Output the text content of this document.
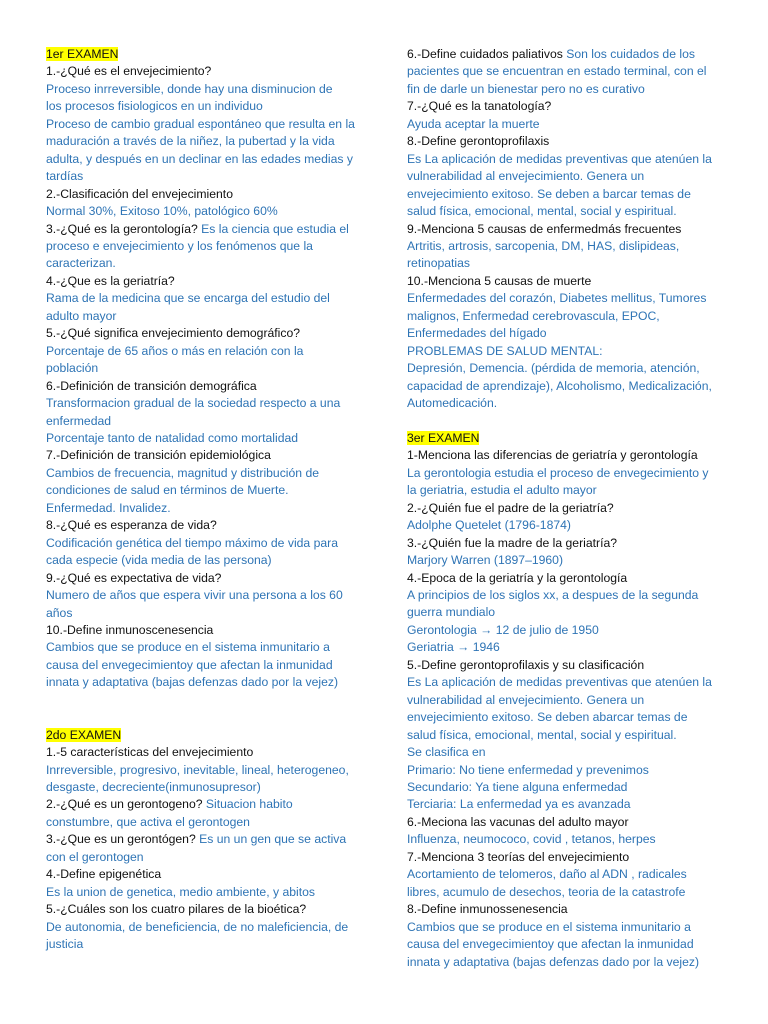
1er EXAMEN
1.-¿Qué es el envejecimiento?
Proceso inrreversible, donde hay una disminucion de
los procesos fisiologicos en un individuo
Proceso de cambio gradual espontáneo que resulta en la
maduración a través de la niñez, la pubertad y la vida
adulta, y después en un declinar en las edades medias y
tardías
2.-Clasificación del envejecimiento
Normal 30%, Exitoso 10%, patológico 60%
3.-¿Qué es la gerontología? Es la ciencia que estudia el
proceso e envejecimiento y los fenómenos que la
caracterizan.
4.-¿Que es la geriatría?
Rama de la medicina que se encarga del estudio del
adulto mayor
5.-¿Qué significa envejecimiento demográfico?
Porcentaje de 65 años o más en relación con la
población
6.-Definición de transición demográfica
Transformacion gradual de la sociedad respecto a una
enfermedad
Porcentaje tanto de natalidad como mortalidad
7.-Definición de transición epidemiológica
Cambios de frecuencia, magnitud y distribución de
condiciones de salud en términos de Muerte.
Enfermedad. Invalidez.
8.-¿Qué es esperanza de vida?
Codificación genética del tiempo máximo de vida para
cada especie (vida media de las persona)
9.-¿Qué es expectativa de vida?
Numero de años que espera vivir una persona a los 60
años
10.-Define inmunoscenesencia
Cambios que se produce en el sistema inmunitario a
causa del envegecimientoy que afectan la inmunidad
innata y adaptativa (bajas defenzas dado por la vejez)
2do EXAMEN
1.-5 características del envejecimiento
Inrreversible, progresivo, inevitable, lineal, heterogeneo,
desgaste, decreciente(inmunosupresor)
2.-¿Qué es un gerontogeno? Situacion habito
constumbre, que activa el gerontogen
3.-¿Que es un gerontógen? Es un un gen que se activa
con el gerontogen
4.-Define epigenética
Es la union de genetica, medio ambiente, y abitos
5.-¿Cuáles son los cuatro pilares de la bioética?
De autonomia, de beneficiencia, de no maleficiencia, de
justicia
6.-Define cuidados paliativos Son los cuidados de los
pacientes que se encuentran en estado terminal, con el
fin de darle un bienestar pero no es curativo
7.-¿Qué es la tanatología?
Ayuda aceptar la muerte
8.-Define gerontoprofilaxis
Es La aplicación de medidas preventivas que atenúen la
vulnerabilidad al envejecimiento. Genera un
envejecimiento exitoso. Se deben a barcar temas de
salud física, emocional, mental, social y espiritual.
9.-Menciona 5 causas de enfermedmás frecuentes
Artritis, artrosis, sarcopenia, DM, HAS, dislipideas,
retinopatias
10.-Menciona 5 causas de muerte
Enfermedades del corazón, Diabetes mellitus, Tumores
malignos, Enfermedad cerebrovascula, EPOC,
Enfermedades del hígado
PROBLEMAS DE SALUD MENTAL:
Depresión, Demencia. (pérdida de memoria, atención,
capacidad de aprendizaje), Alcoholismo, Medicalización,
Automedicación.
3er EXAMEN
1-Menciona las diferencias de geriatría y gerontología
La gerontologia estudia el proceso de envegecimiento y
la geriatria, estudia el adulto mayor
2.-¿Quién fue el padre de la geriatría?
Adolphe Quetelet (1796-1874)
3.-¿Quién fue la madre de la geriatría?
Marjory Warren (1897–1960)
4.-Epoca de la geriatría y la gerontología
A principios de los siglos xx, a despues de la segunda
guerra mundialo
Gerontologia → 12 de julio de 1950
Geriatria → 1946
5.-Define gerontoprofilaxis y su clasificación
Es La aplicación de medidas preventivas que atenúen la
vulnerabilidad al envejecimiento. Genera un
envejecimiento exitoso. Se deben abarcar temas de
salud física, emocional, mental, social y espiritual.
Se clasifica en
Primario: No tiene enfermedad y prevenimos
Secundario: Ya tiene alguna enfermedad
Terciaria: La enfermedad ya es avanzada
6.-Meciona las vacunas del adulto mayor
Influenza, neumococo, covid , tetanos, herpes
7.-Menciona 3 teorías del envejecimiento
Acortamiento de telomeros, daño al ADN , radicales
libres, acumulo de desechos, teoria de la catastrofe
8.-Define inmunossenesencia
Cambios que se produce en el sistema inmunitario a
causa del envegecimientoy que afectan la inmunidad
innata y adaptativa (bajas defenzas dado por la vejez)
